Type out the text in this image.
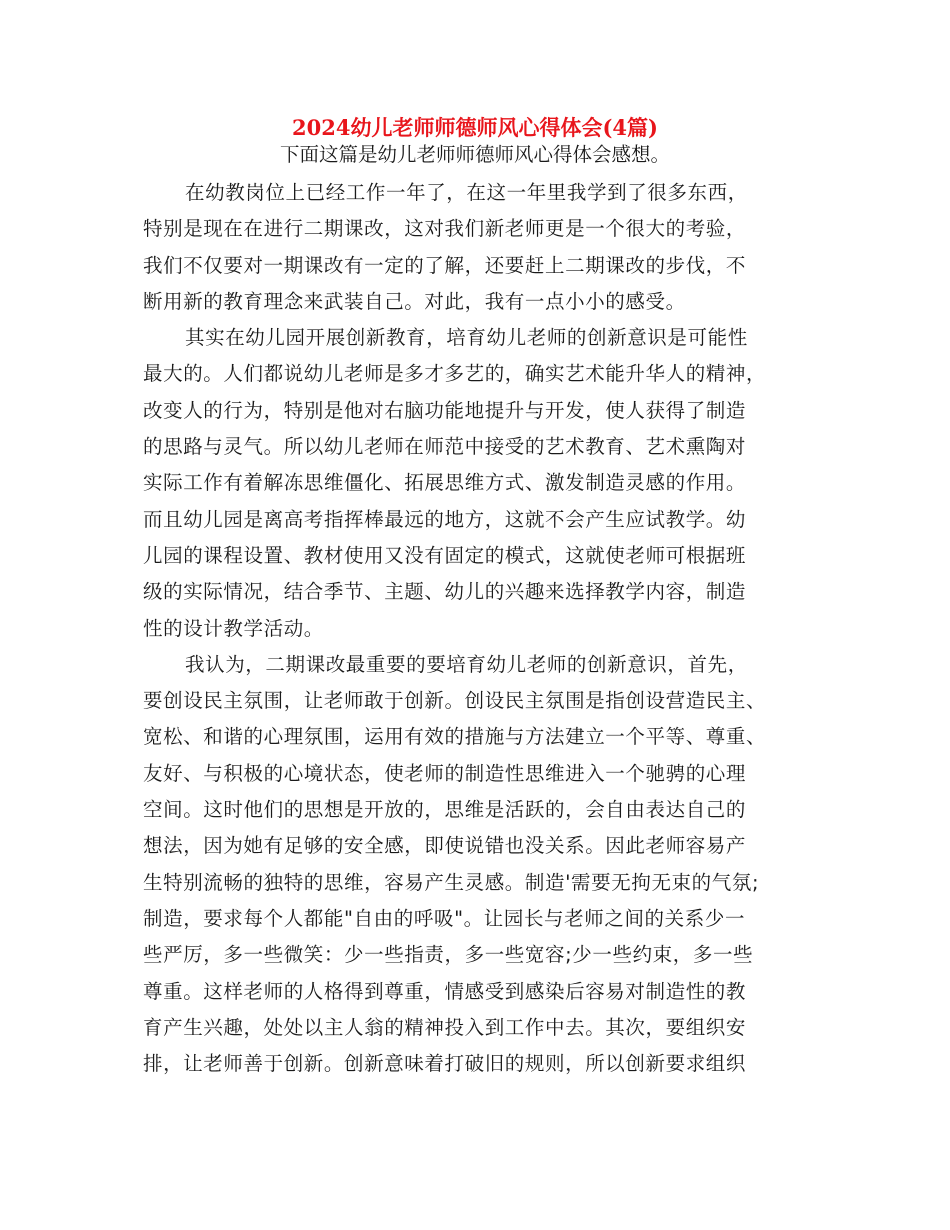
2024幼儿老师师德师风心得体会(4篇)

下面这篇是幼儿老师师德师风心得体会感想。

在幼教岗位上已经工作一年了，在这一年里我学到了很多东西，
特别是现在在进行二期课改，这对我们新老师更是一个很大的考验，
我们不仅要对一期课改有一定的了解，还要赶上二期课改的步伐，不
断用新的教育理念来武装自己。对此，我有一点小小的感受。
其实在幼儿园开展创新教育，培育幼儿老师的创新意识是可能性
最大的。人们都说幼儿老师是多才多艺的，确实艺术能升华人的精神，
改变人的行为，特别是他对右脑功能地提升与开发，使人获得了制造
的思路与灵气。所以幼儿老师在师范中接受的艺术教育、艺术熏陶对
实际工作有着解冻思维僵化、拓展思维方式、激发制造灵感的作用。
而且幼儿园是离高考指挥棒最远的地方，这就不会产生应试教学。幼
儿园的课程设置、教材使用又没有固定的模式，这就使老师可根据班
级的实际情况，结合季节、主题、幼儿的兴趣来选择教学内容，制造
性的设计教学活动。
我认为，二期课改最重要的要培育幼儿老师的创新意识，首先，
要创设民主氛围，让老师敢于创新。创设民主氛围是指创设营造民主、
宽松、和谐的心理氛围，运用有效的措施与方法建立一个平等、尊重、
友好、与积极的心境状态，使老师的制造性思维进入一个驰骋的心理
空间。这时他们的思想是开放的，思维是活跃的，会自由表达自己的
想法，因为她有足够的安全感，即使说错也没关系。因此老师容易产
生特别流畅的独特的思维，容易产生灵感。制造'需要无拘无束的气氛;
制造，要求每个人都能"自由的呼吸"。让园长与老师之间的关系少一
些严厉，多一些微笑：少一些指责，多一些宽容;少一些约束，多一些
尊重。这样老师的人格得到尊重，情感受到感染后容易对制造性的教
育产生兴趣，处处以主人翁的精神投入到工作中去。其次，要组织安
排，让老师善于创新。创新意味着打破旧的规则，所以创新要求组织
